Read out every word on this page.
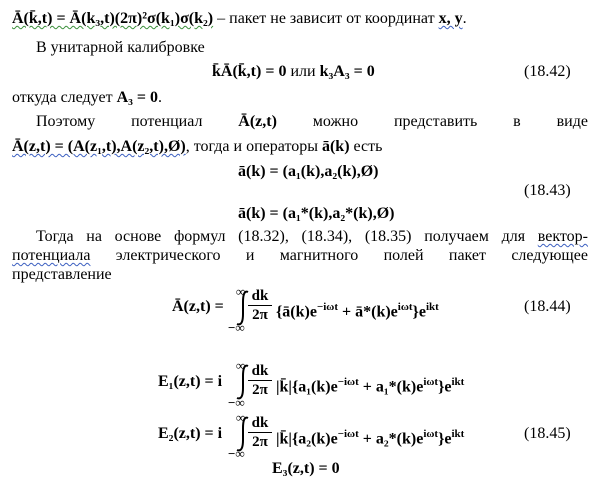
Ā(k̄,t) = Ā(k₃,t)(2π)²σ(k₁)σ(k₂) – пакет не зависит от координат x, y.
В унитарной калибровке
k̄Ā(k̄,t) = 0 или k₃A₃ = 0	(18.42)
откуда следует A₃ = 0.
Поэтому потенциал Ā(z,t) можно представить в виде
Ā(z,t) = (A(z₁,t),A(z₂,t),Ø), тогда и операторы ā(k) есть
ā(k) = (a₁(k),a₂(k),Ø)
(18.43)
ā(k) = (a₁*(k),a₂*(k),Ø)
Тогда на основе формул (18.32), (18.34), (18.35) получаем для вектор-
потенциала электрического и магнитного полей пакет следующее
представление
Ā(z,t) =
∞
−∞
dk
2π {$ā(k)e^{-i\omega t}$ + $ā*(k)e^{i\omega t}\}e^{ikt}$	(18.44)
E₁(z,t) = i
∞
−∞
dk
2π $|k̄|\{a_1(k)e^{-i\omega t} + a_1*(k)e^{i\omega t}\}e^{ikt}$
E₂(z,t) = i
∞
−∞
dk
2π $|k̄|\{a_2(k)e^{-i\omega t} + a_2*(k)e^{i\omega t}\}e^{ikt}$	(18.45)
E₃(z,t) = 0
